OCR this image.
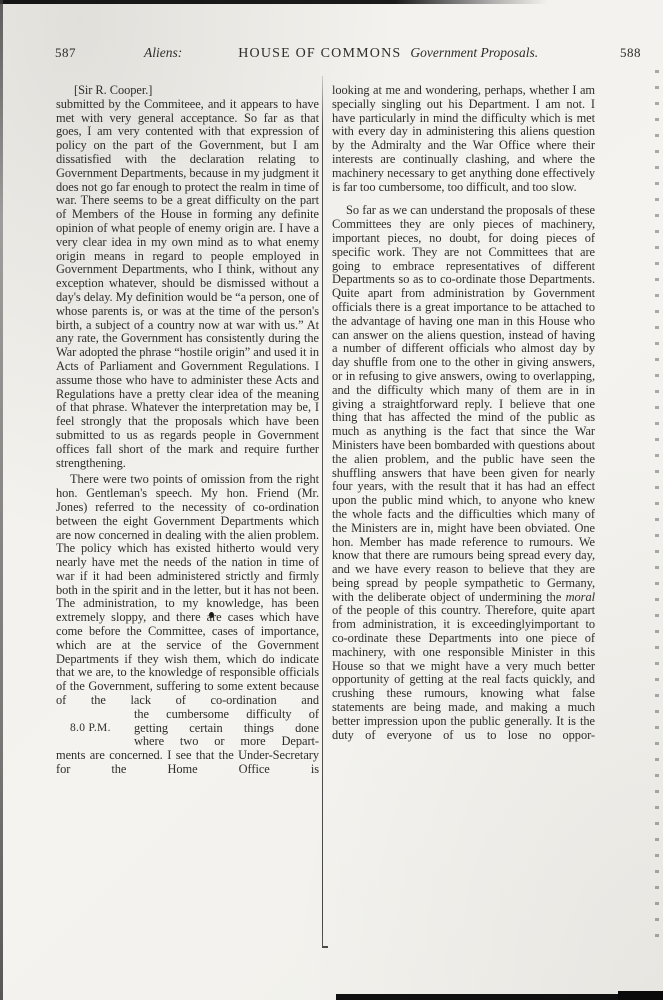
587	Aliens:	HOUSE OF COMMONS Government Proposals.	588
[Sir R. Cooper.]
submitted by the Commiteee, and it appears to have met with very general acceptance. So far as that goes, I am very contented with that expression of policy on the part of the Government, but I am dissatisfied with the declaration relating to Government Departments, because in my judgment it does not go far enough to protect the realm in time of war. There seems to be a great difficulty on the part of Members of the House in forming any definite opinion of what people of enemy origin are. I have a very clear idea in my own mind as to what enemy origin means in regard to people employed in Government Departments, who I think, without any exception whatever, should be dismissed without a day's delay. My definition would be “a person, one of whose parents is, or was at the time of the person's birth, a subject of a country now at war with us.” At any rate, the Government has consistently during the War adopted the phrase “hostile origin” and used it in Acts of Parliament and Government Regulations. I assume those who have to administer these Acts and Regulations have a pretty clear idea of the meaning of that phrase. Whatever the interpretation may be, I feel strongly that the proposals which have been submitted to us as regards people in Government offices fall short of the mark and require further strengthening.
There were two points of omission from the right hon. Gentleman's speech. My hon. Friend (Mr. Jones) referred to the necessity of co-ordination between the eight Government Departments which are now concerned in dealing with the alien problem. The policy which has existed hitherto would very nearly have met the needs of the nation in time of war if it had been administered strictly and firmly both in the spirit and in the letter, but it has not been. The administration, to my knowledge, has been extremely sloppy, and there are cases which have come before the Committee, cases of importance, which are at the service of the Government Departments if they wish them, which do indicate that we are, to the knowledge of responsible officials of the Government, suffering to some extent because of the lack of co-ordination and
8.0 P.M.
the cumbersome difficulty of
getting certain things done
where two or more Depart-
ments are concerned. I see that the Under-Secretary for the Home Office is
looking at me and wondering, perhaps, whether I am specially singling out his Department. I am not. I have particularly in mind the difficulty which is met with every day in administering this aliens question by the Admiralty and the War Office where their interests are continually clashing, and where the machinery necessary to get anything done effectively is far too cumbersome, too difficult, and too slow.
So far as we can understand the proposals of these Committees they are only pieces of machinery, important pieces, no doubt, for doing pieces of specific work. They are not Committees that are going to embrace representatives of different Departments so as to co-ordinate those Departments. Quite apart from administration by Government officials there is a great importance to be attached to the advantage of having one man in this House who can answer on the aliens question, instead of having a number of different officials who almost day by day shuffle from one to the other in giving answers, or in refusing to give answers, owing to overlapping, and the difficulty which many of them are in in giving a straightforward reply. I believe that one thing that has affected the mind of the public as much as anything is the fact that since the War Ministers have been bombarded with questions about the alien problem, and the public have seen the shuffling answers that have been given for nearly four years, with the result that it has had an effect upon the public mind which, to anyone who knew the whole facts and the difficulties which many of the Ministers are in, might have been obviated. One hon. Member has made reference to rumours. We know that there are rumours being spread every day, and we have every reason to believe that they are being spread by people sympathetic to Germany, with the deliberate object of undermining the moral of the people of this country. Therefore, quite apart from administration, it is exceedinglyimportant to co-ordinate these Departments into one piece of machinery, with one responsible Minister in this House so that we might have a very much better opportunity of getting at the real facts quickly, and crushing these rumours, knowing what false statements are being made, and making a much better impression upon the public generally. It is the duty of everyone of us to lose no oppor-
